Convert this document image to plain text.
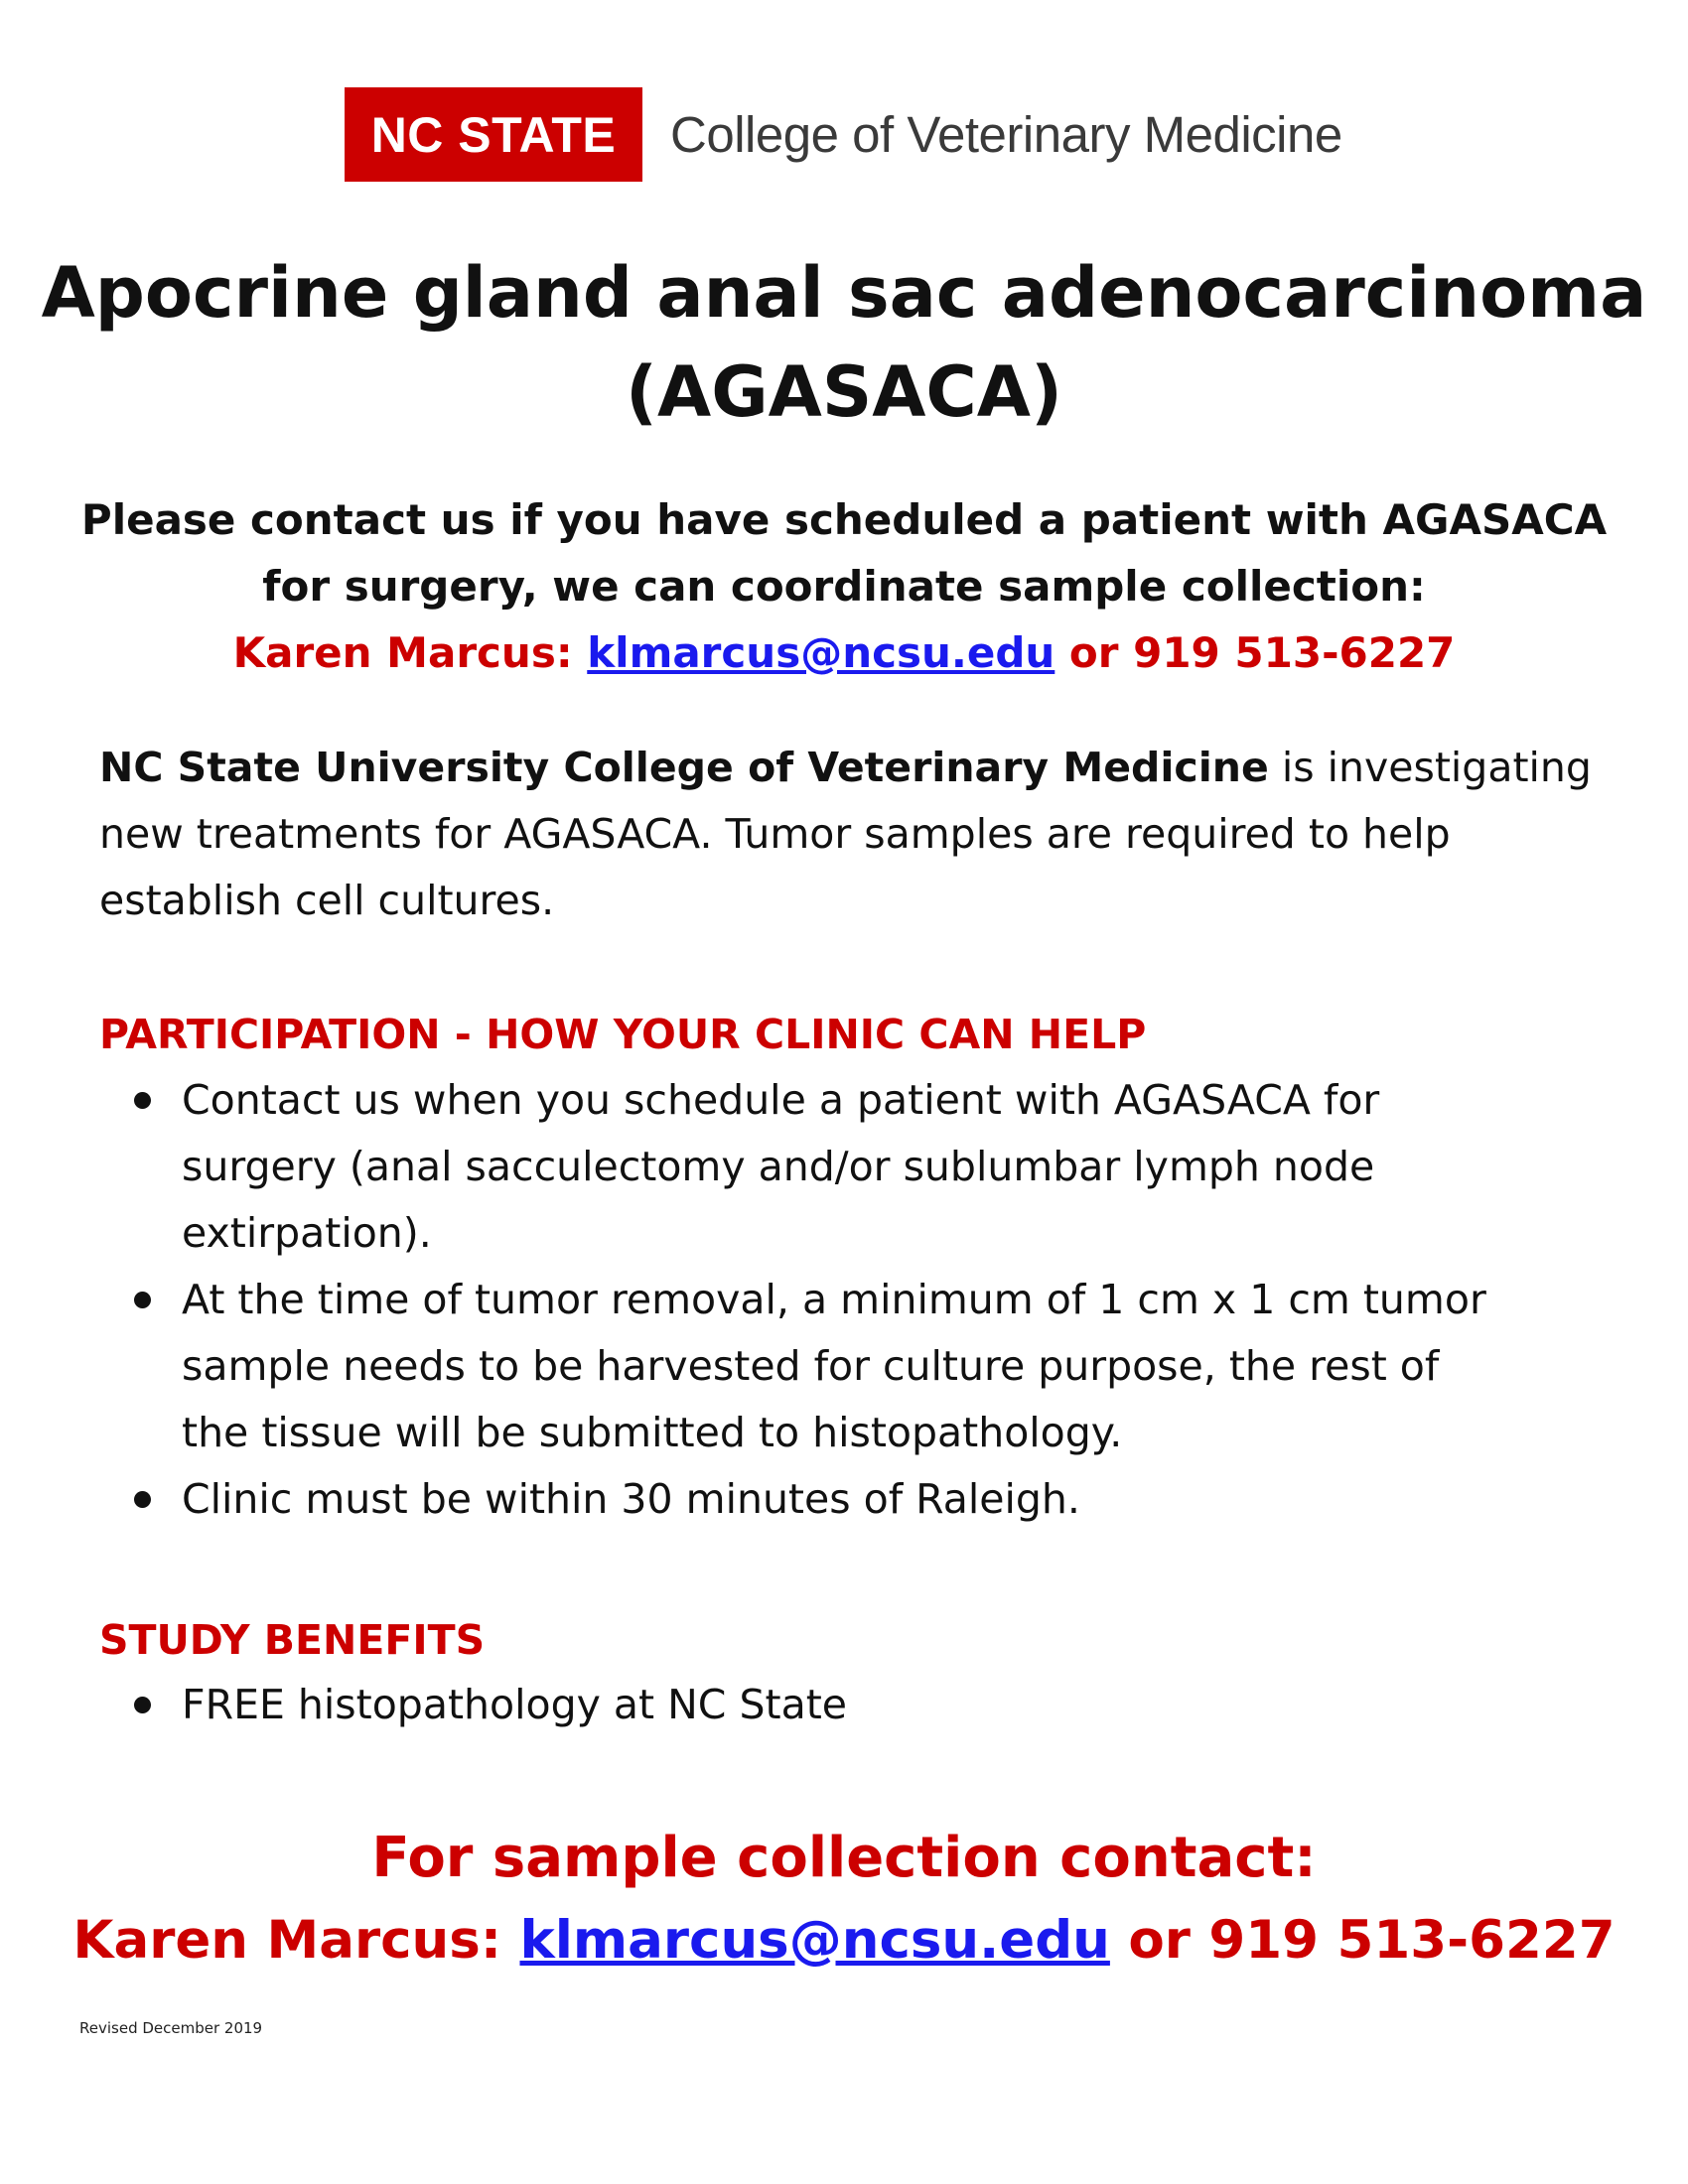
NC STATE College of Veterinary Medicine
Apocrine gland anal sac adenocarcinoma
(AGASACA)
Please contact us if you have scheduled a patient with AGASACA
for surgery, we can coordinate sample collection:
Karen Marcus: klmarcus@ncsu.edu or 919 513-6227
NC State University College of Veterinary Medicine is investigating
new treatments for AGASACA. Tumor samples are required to help
establish cell cultures.
PARTICIPATION - HOW YOUR CLINIC CAN HELP
Contact us when you schedule a patient with AGASACA for
surgery (anal sacculectomy and/or sublumbar lymph node
extirpation).
At the time of tumor removal, a minimum of 1 cm x 1 cm tumor
sample needs to be harvested for culture purpose, the rest of
the tissue will be submitted to histopathology.
Clinic must be within 30 minutes of Raleigh.
STUDY BENEFITS
FREE histopathology at NC State
For sample collection contact:
Karen Marcus: klmarcus@ncsu.edu or 919 513-6227
Revised December 2019
